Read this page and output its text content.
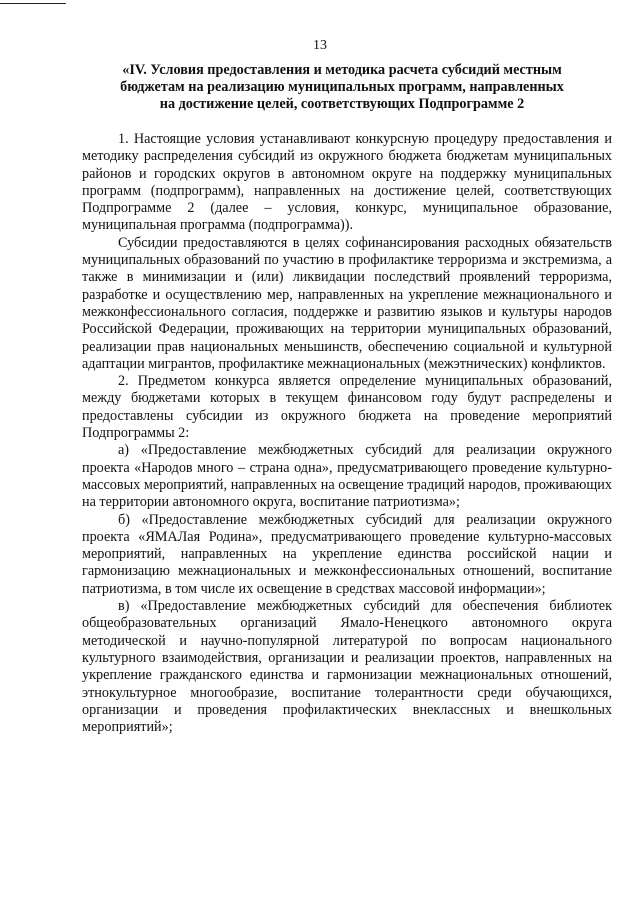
13
«IV. Условия предоставления и методика расчета субсидий местным
бюджетам на реализацию муниципальных программ, направленных
на достижение целей, соответствующих Подпрограмме 2

1. Настоящие условия устанавливают конкурсную процедуру предоставления и методику распределения субсидий из окружного бюджета бюджетам муниципальных районов и городских округов в автономном округе на поддержку муниципальных программ (подпрограмм), направленных на достижение целей, соответствующих Подпрограмме 2 (далее – условия, конкурс, муниципальное образование, муниципальная программа (подпрограмма)).

Субсидии предоставляются в целях софинансирования расходных обязательств муниципальных образований по участию в профилактике терроризма и экстремизма, а также в минимизации и (или) ликвидации последствий проявлений терроризма, разработке и осуществлению мер, направленных на укрепление межнационального и межконфессионального согласия, поддержке и развитию языков и культуры народов Российской Федерации, проживающих на территории муниципальных образований, реализации прав национальных меньшинств, обеспечению социальной и культурной адаптации мигрантов, профилактике межнациональных (межэтнических) конфликтов.

2. Предметом конкурса является определение муниципальных образований, между бюджетами которых в текущем финансовом году будут распределены и предоставлены субсидии из окружного бюджета на проведение мероприятий Подпрограммы 2:

а) «Предоставление межбюджетных субсидий для реализации окружного проекта «Народов много – страна одна», предусматривающего проведение культурно-массовых мероприятий, направленных на освещение традиций народов, проживающих на территории автономного округа, воспитание патриотизма»;

б) «Предоставление межбюджетных субсидий для реализации окружного проекта «ЯМАЛая Родина», предусматривающего проведение культурно-массовых мероприятий, направленных на укрепление единства российской нации и гармонизацию межнациональных и межконфессиональных отношений, воспитание патриотизма, в том числе их освещение в средствах массовой информации»;

в) «Предоставление межбюджетных субсидий для обеспечения библиотек общеобразовательных организаций Ямало-Ненецкого автономного округа методической и научно-популярной литературой по вопросам национального культурного взаимодействия, организации и реализации проектов, направленных на укрепление гражданского единства и гармонизации межнациональных отношений, этнокультурное многообразие, воспитание толерантности среди обучающихся, организации и проведения профилактических внеклассных и внешкольных мероприятий»;
